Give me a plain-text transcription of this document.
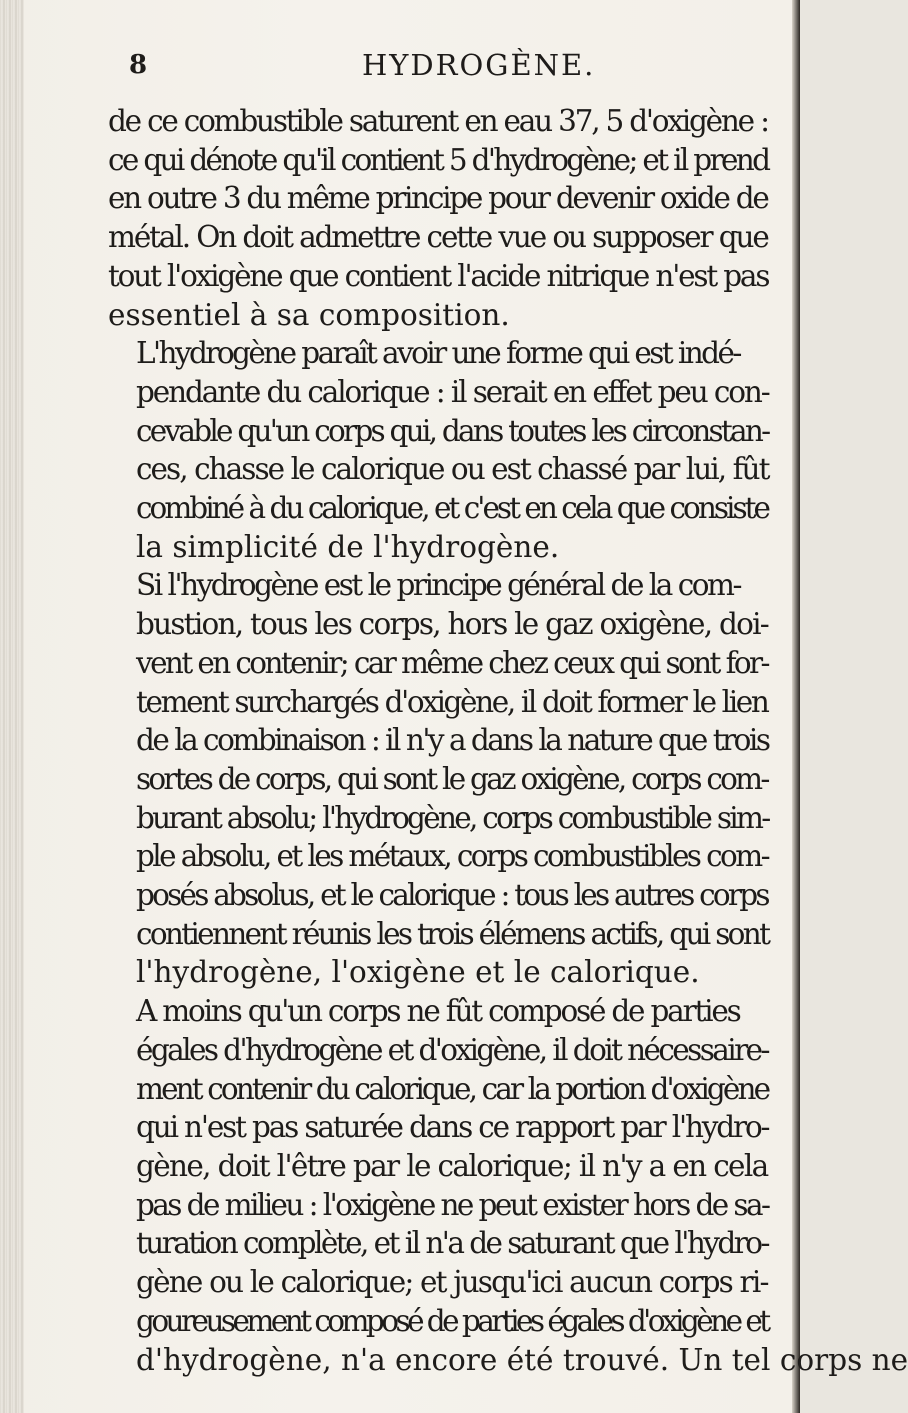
8	HYDROGÈNE.

de ce combustible saturent en eau 37, 5 d'oxigène :
ce qui dénote qu'il contient 5 d'hydrogène; et il prend
en outre 3 du même principe pour devenir oxide de
métal. On doit admettre cette vue ou supposer que
tout l'oxigène que contient l'acide nitrique n'est pas
essentiel à sa composition.

L'hydrogène paraît avoir une forme qui est indé-
pendante du calorique : il serait en effet peu con-
cevable qu'un corps qui, dans toutes les circonstan-
ces, chasse le calorique ou est chassé par lui, fût
combiné à du calorique, et c'est en cela que consiste
la simplicité de l'hydrogène.

Si l'hydrogène est le principe général de la com-
bustion, tous les corps, hors le gaz oxigène, doi-
vent en contenir; car même chez ceux qui sont for-
tement surchargés d'oxigène, il doit former le lien
de la combinaison : il n'y a dans la nature que trois
sortes de corps, qui sont le gaz oxigène, corps com-
burant absolu; l'hydrogène, corps combustible sim-
ple absolu, et les métaux, corps combustibles com-
posés absolus, et le calorique : tous les autres corps
contiennent réunis les trois élémens actifs, qui sont
l'hydrogène, l'oxigène et le calorique.

A moins qu'un corps ne fût composé de parties
égales d'hydrogène et d'oxigène, il doit nécessaire-
ment contenir du calorique, car la portion d'oxigène
qui n'est pas saturée dans ce rapport par l'hydro-
gène, doit l'être par le calorique; il n'y a en cela
pas de milieu : l'oxigène ne peut exister hors de sa-
turation complète, et il n'a de saturant que l'hydro-
gène ou le calorique; et jusqu'ici aucun corps ri-
goureusement composé de parties égales d'oxigène et
d'hydrogène, n'a encore été trouvé. Un tel corps ne
